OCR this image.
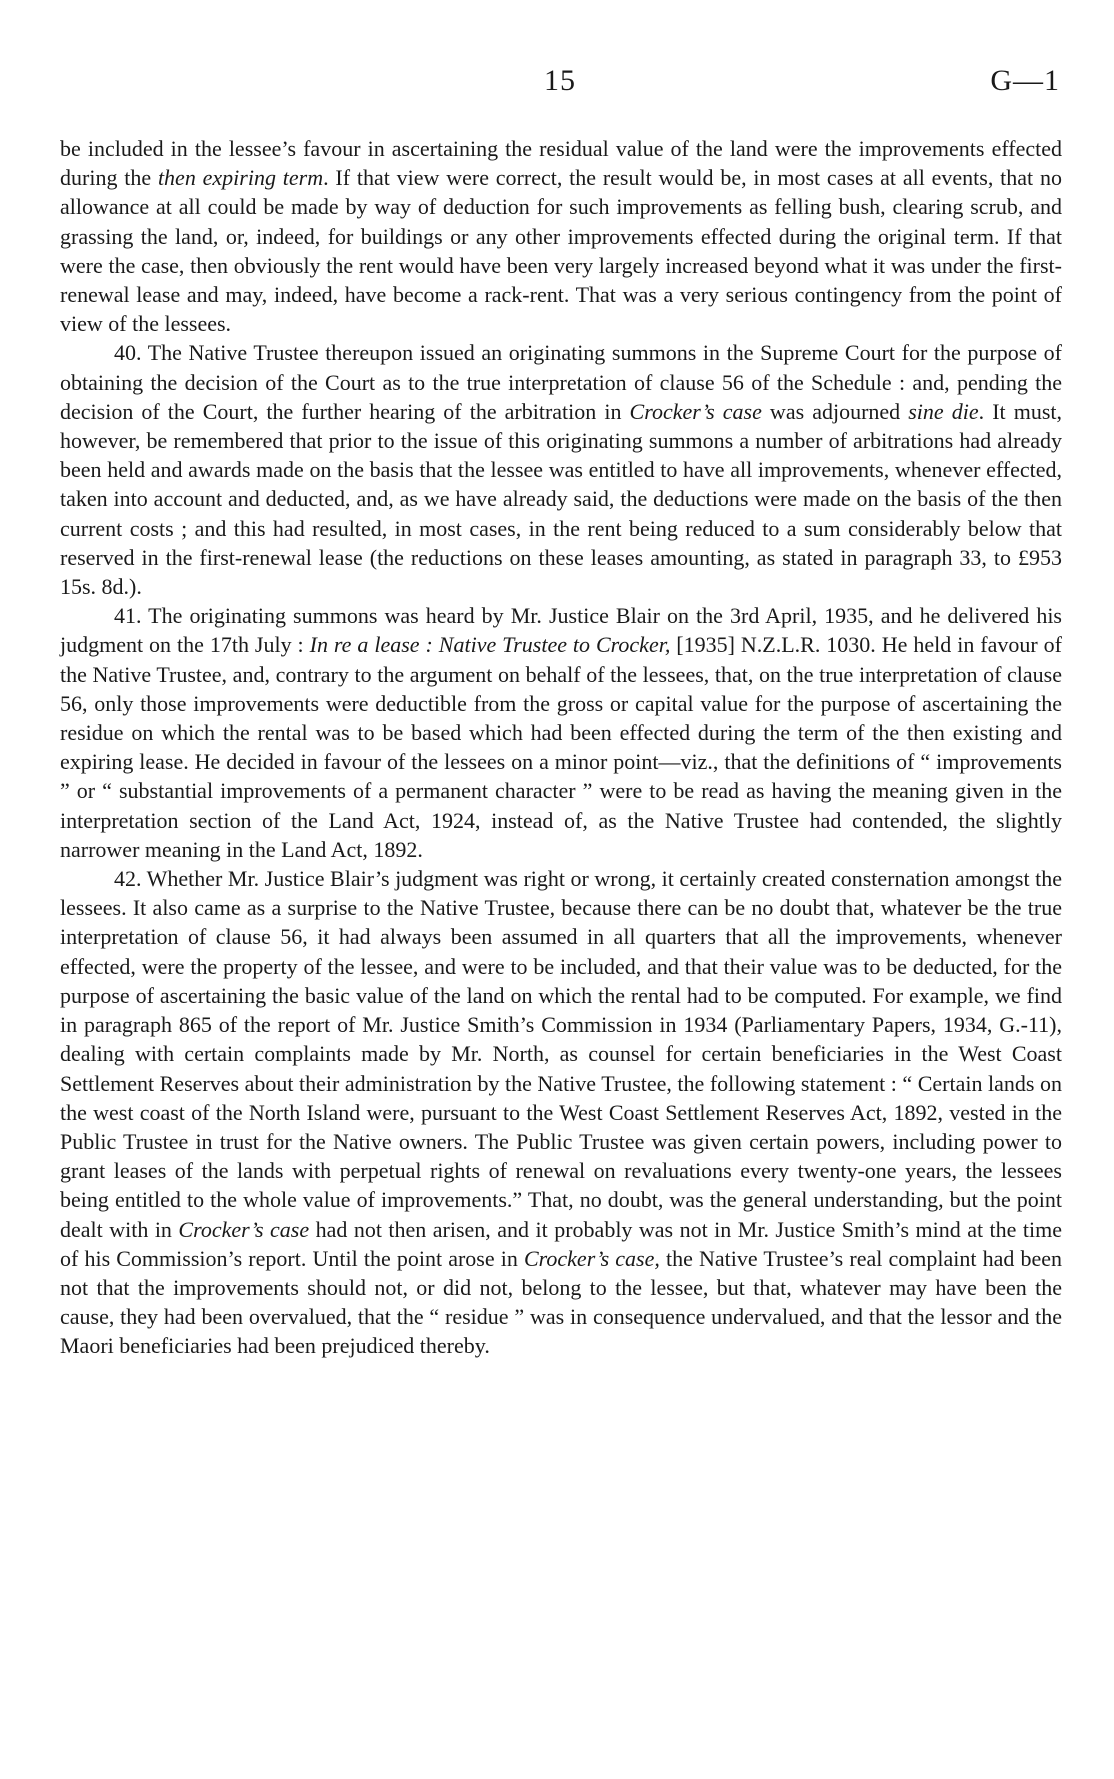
15	G—1

be included in the lessee’s favour in ascertaining the residual value of the land were the improvements effected during the then expiring term. If that view were correct, the result would be, in most cases at all events, that no allowance at all could be made by way of deduction for such improvements as felling bush, clearing scrub, and grassing the land, or, indeed, for buildings or any other improvements effected during the original term. If that were the case, then obviously the rent would have been very largely increased beyond what it was under the first-renewal lease and may, indeed, have become a rack-rent. That was a very serious contingency from the point of view of the lessees.

40. The Native Trustee thereupon issued an originating summons in the Supreme Court for the purpose of obtaining the decision of the Court as to the true interpretation of clause 56 of the Schedule : and, pending the decision of the Court, the further hearing of the arbitration in Crocker’s case was adjourned sine die. It must, however, be remembered that prior to the issue of this originating summons a number of arbitrations had already been held and awards made on the basis that the lessee was entitled to have all improvements, whenever effected, taken into account and deducted, and, as we have already said, the deductions were made on the basis of the then current costs ; and this had resulted, in most cases, in the rent being reduced to a sum considerably below that reserved in the first-renewal lease (the reductions on these leases amounting, as stated in paragraph 33, to £953 15s. 8d.).

41. The originating summons was heard by Mr. Justice Blair on the 3rd April, 1935, and he delivered his judgment on the 17th July : In re a lease : Native Trustee to Crocker, [1935] N.Z.L.R. 1030. He held in favour of the Native Trustee, and, contrary to the argument on behalf of the lessees, that, on the true interpretation of clause 56, only those improvements were deductible from the gross or capital value for the purpose of ascertaining the residue on which the rental was to be based which had been effected during the term of the then existing and expiring lease. He decided in favour of the lessees on a minor point—viz., that the definitions of “ improvements ” or “ substantial improvements of a permanent character ” were to be read as having the meaning given in the interpretation section of the Land Act, 1924, instead of, as the Native Trustee had contended, the slightly narrower meaning in the Land Act, 1892.

42. Whether Mr. Justice Blair’s judgment was right or wrong, it certainly created consternation amongst the lessees. It also came as a surprise to the Native Trustee, because there can be no doubt that, whatever be the true interpretation of clause 56, it had always been assumed in all quarters that all the improvements, whenever effected, were the property of the lessee, and were to be included, and that their value was to be deducted, for the purpose of ascertaining the basic value of the land on which the rental had to be computed. For example, we find in paragraph 865 of the report of Mr. Justice Smith’s Commission in 1934 (Parliamentary Papers, 1934, G.-11), dealing with certain complaints made by Mr. North, as counsel for certain beneficiaries in the West Coast Settlement Reserves about their administration by the Native Trustee, the following statement : “ Certain lands on the west coast of the North Island were, pursuant to the West Coast Settlement Reserves Act, 1892, vested in the Public Trustee in trust for the Native owners. The Public Trustee was given certain powers, including power to grant leases of the lands with perpetual rights of renewal on revaluations every twenty-one years, the lessees being entitled to the whole value of improvements.” That, no doubt, was the general understanding, but the point dealt with in Crocker’s case had not then arisen, and it probably was not in Mr. Justice Smith’s mind at the time of his Commission’s report. Until the point arose in Crocker’s case, the Native Trustee’s real complaint had been not that the improvements should not, or did not, belong to the lessee, but that, whatever may have been the cause, they had been overvalued, that the “ residue ” was in consequence undervalued, and that the lessor and the Maori beneficiaries had been prejudiced thereby.
